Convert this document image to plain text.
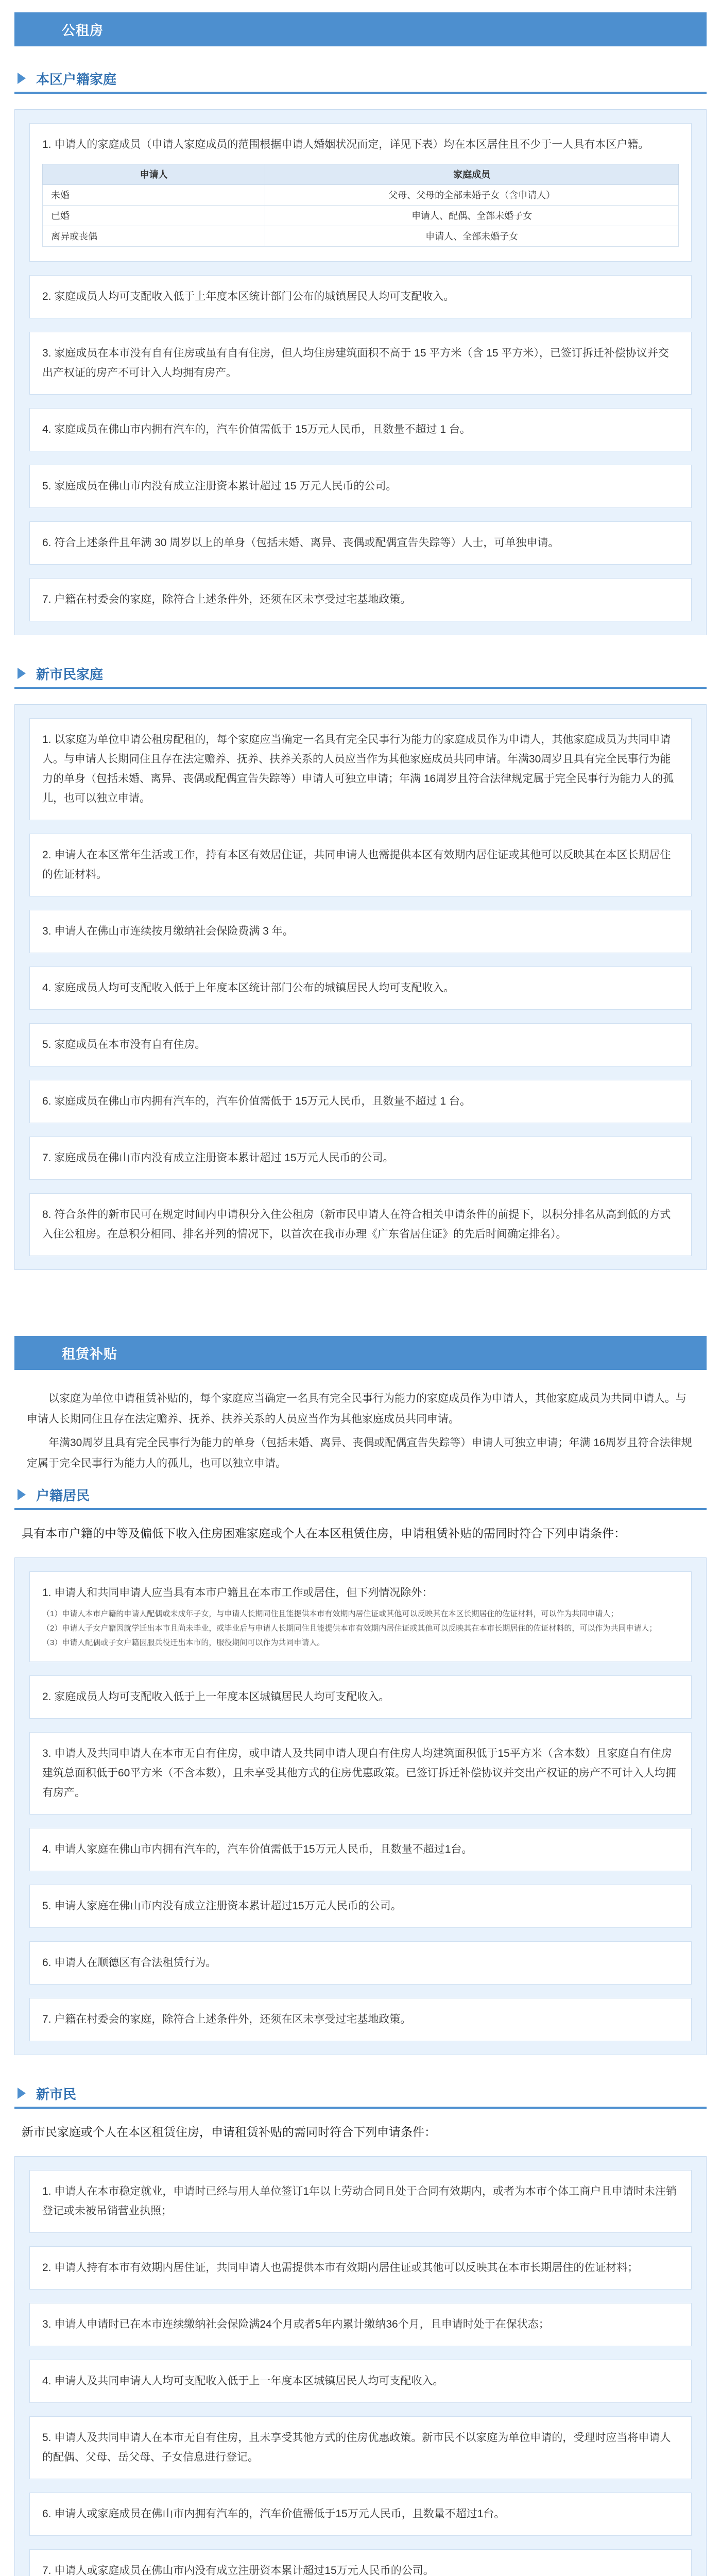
公租房
本区户籍家庭
1. 申请人的家庭成员（申请人家庭成员的范围根据申请人婚姻状况而定，详见下表）均在本区居住且不少于一人具有本区户籍。
申请人	家庭成员
未婚	父母、父母的全部未婚子女（含申请人）
已婚	申请人、配偶、全部未婚子女
离异或丧偶	申请人、全部未婚子女
2. 家庭成员人均可支配收入低于上年度本区统计部门公布的城镇居民人均可支配收入。
3. 家庭成员在本市没有自有住房或虽有自有住房，但人均住房建筑面积不高于 15 平方米（含 15 平方米），已签订拆迁补偿协议并交出产权证的房产不可计入人均拥有房产。
4. 家庭成员在佛山市内拥有汽车的，汽车价值需低于 15万元人民币，且数量不超过 1 台。
5. 家庭成员在佛山市内没有成立注册资本累计超过 15 万元人民币的公司。
6. 符合上述条件且年满 30 周岁以上的单身（包括未婚、离异、丧偶或配偶宣告失踪等）人士，可单独申请。
7. 户籍在村委会的家庭，除符合上述条件外，还须在区未享受过宅基地政策。
新市民家庭
1. 以家庭为单位申请公租房配租的，每个家庭应当确定一名具有完全民事行为能力的家庭成员作为申请人，其他家庭成员为共同申请人。与申请人长期同住且存在法定赡养、抚养、扶养关系的人员应当作为其他家庭成员共同申请。年满30周岁且具有完全民事行为能力的单身（包括未婚、离异、丧偶或配偶宣告失踪等）申请人可独立申请；年满 16周岁且符合法律规定属于完全民事行为能力人的孤儿，也可以独立申请。
2. 申请人在本区常年生活或工作，持有本区有效居住证，共同申请人也需提供本区有效期内居住证或其他可以反映其在本区长期居住的佐证材料。
3. 申请人在佛山市连续按月缴纳社会保险费满 3 年。
4. 家庭成员人均可支配收入低于上年度本区统计部门公布的城镇居民人均可支配收入。
5. 家庭成员在本市没有自有住房。
6. 家庭成员在佛山市内拥有汽车的，汽车价值需低于 15万元人民币，且数量不超过 1 台。
7. 家庭成员在佛山市内没有成立注册资本累计超过 15万元人民币的公司。
8. 符合条件的新市民可在规定时间内申请积分入住公租房（新市民申请人在符合相关申请条件的前提下，以积分排名从高到低的方式入住公租房。在总积分相同、排名并列的情况下，以首次在我市办理《广东省居住证》的先后时间确定排名）。
租赁补贴

以家庭为单位申请租赁补贴的，每个家庭应当确定一名具有完全民事行为能力的家庭成员作为申请人，其他家庭成员为共同申请人。与申请人长期同住且存在法定赡养、抚养、扶养关系的人员应当作为其他家庭成员共同申请。

年满30周岁且具有完全民事行为能力的单身（包括未婚、离异、丧偶或配偶宣告失踪等）申请人可独立申请；年满 16周岁且符合法律规定属于完全民事行为能力人的孤儿，也可以独立申请。

户籍居民

具有本市户籍的中等及偏低下收入住房困难家庭或个人在本区租赁住房，申请租赁补贴的需同时符合下列申请条件：

1. 申请人和共同申请人应当具有本市户籍且在本市工作或居住，但下列情况除外：
（1）申请人本市户籍的申请人配偶或未成年子女，与申请人长期同住且能提供本市有效期内居住证或其他可以反映其在本区长期居住的佐证材料，可以作为共同申请人；
（2）申请人子女户籍因就学迁出本市且尚未毕业，或毕业后与申请人长期同住且能提供本市有效期内居住证或其他可以反映其在本市长期居住的佐证材料的，可以作为共同申请人；
（3）申请人配偶或子女户籍因服兵役迁出本市的，服役期间可以作为共同申请人。
2. 家庭成员人均可支配收入低于上一年度本区城镇居民人均可支配收入。
3. 申请人及共同申请人在本市无自有住房，或申请人及共同申请人现自有住房人均建筑面积低于15平方米（含本数）且家庭自有住房建筑总面积低于60平方米（不含本数），且未享受其他方式的住房优惠政策。已签订拆迁补偿协议并交出产权证的房产不可计入人均拥有房产。
4. 申请人家庭在佛山市内拥有汽车的，汽车价值需低于15万元人民币，且数量不超过1台。
5. 申请人家庭在佛山市内没有成立注册资本累计超过15万元人民币的公司。
6. 申请人在顺德区有合法租赁行为。
7. 户籍在村委会的家庭，除符合上述条件外，还须在区未享受过宅基地政策。
新市民

新市民家庭或个人在本区租赁住房，申请租赁补贴的需同时符合下列申请条件：

1. 申请人在本市稳定就业，申请时已经与用人单位签订1年以上劳动合同且处于合同有效期内，或者为本市个体工商户且申请时未注销登记或未被吊销营业执照；
2. 申请人持有本市有效期内居住证，共同申请人也需提供本市有效期内居住证或其他可以反映其在本市长期居住的佐证材料；
3. 申请人申请时已在本市连续缴纳社会保险满24个月或者5年内累计缴纳36个月，且申请时处于在保状态；
4. 申请人及共同申请人人均可支配收入低于上一年度本区城镇居民人均可支配收入。
5. 申请人及共同申请人在本市无自有住房，且未享受其他方式的住房优惠政策。新市民不以家庭为单位申请的，受理时应当将申请人的配偶、父母、岳父母、子女信息进行登记。
6. 申请人或家庭成员在佛山市内拥有汽车的，汽车价值需低于15万元人民币，且数量不超过1台。
7. 申请人或家庭成员在佛山市内没有成立注册资本累计超过15万元人民币的公司。
